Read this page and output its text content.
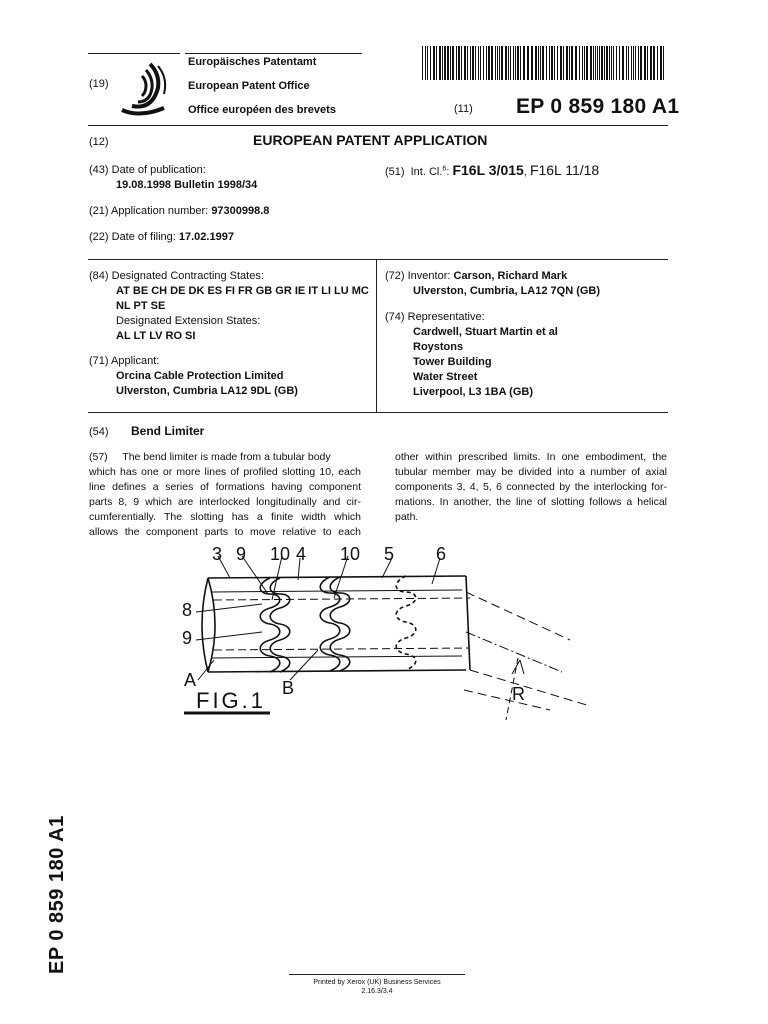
(19)
Europäisches Patentamt
European Patent Office
Office européen des brevets	(11) EP 0 859 180 A1
(12)	EUROPEAN PATENT APPLICATION
(43) Date of publication:
19.08.1998 Bulletin 1998/34
(51) Int. Cl.$^6$: F16L 3/015, F16L 11/18
(21) Application number: 97300998.8
(22) Date of filing: 17.02.1997
(84) Designated Contracting States:
AT BE CH DE DK ES FI FR GB GR IE IT LI LU MC
NL PT SE
Designated Extension States:
AL LT LV RO SI
(71) Applicant:
Orcina Cable Protection Limited
Ulverston, Cumbria LA12 9DL (GB)
(72) Inventor: Carson, Richard Mark
Ulverston, Cumbria, LA12 7QN (GB)
(74) Representative:
Cardwell, Stuart Martin et al
Roystons
Tower Building
Water Street
Liverpool, L3 1BA (GB)
(54) Bend Limiter
(57) The bend limiter is made from a tubular body
which has one or more lines of profiled slotting 10, each
line defines a series of formations having component
parts 8, 9 which are interlocked longitudinally and cir-
cumferentially. The slotting has a finite width which
allows the component parts to move relative to each
other within prescribed limits. In one embodiment, the
tubular member may be divided into a number of axial
components 3, 4, 5, 6 connected by the interlocking for-
mations. In another, the line of slotting follows a helical
path.
3 9 10 4 10 5 6
8
9
A	B	R
FIG.1
EP 0 859 180 A1
Printed by Xerox (UK) Business Services
2.16.3/3.4
